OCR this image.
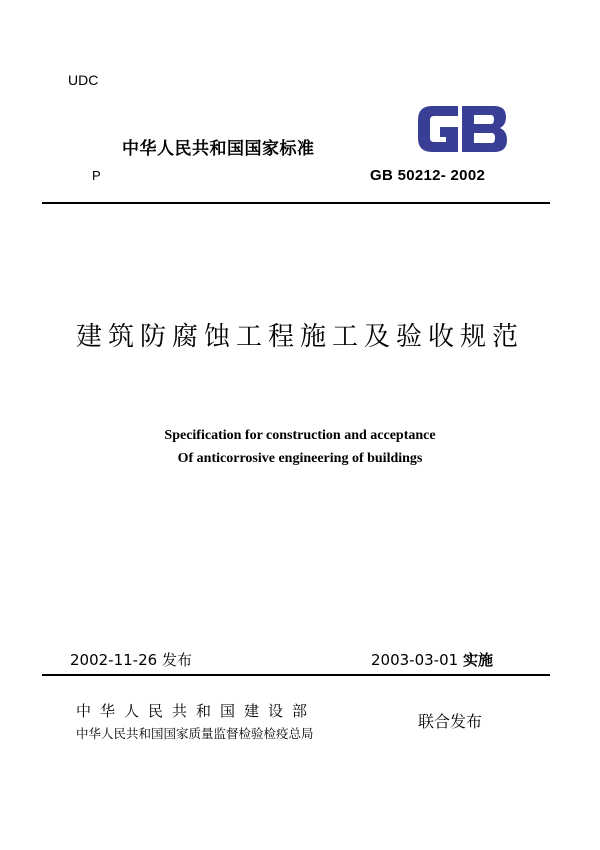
UDC
中华人民共和国国家标准
P	GB 50212- 2002
建筑防腐蚀工程施工及验收规范
Specification for construction and acceptance
Of anticorrosive engineering of buildings
2002-11-26 发布	2003-03-01 实施
中华人民共和国建设部
中华人民共和国国家质量监督检验检疫总局
联合发布
